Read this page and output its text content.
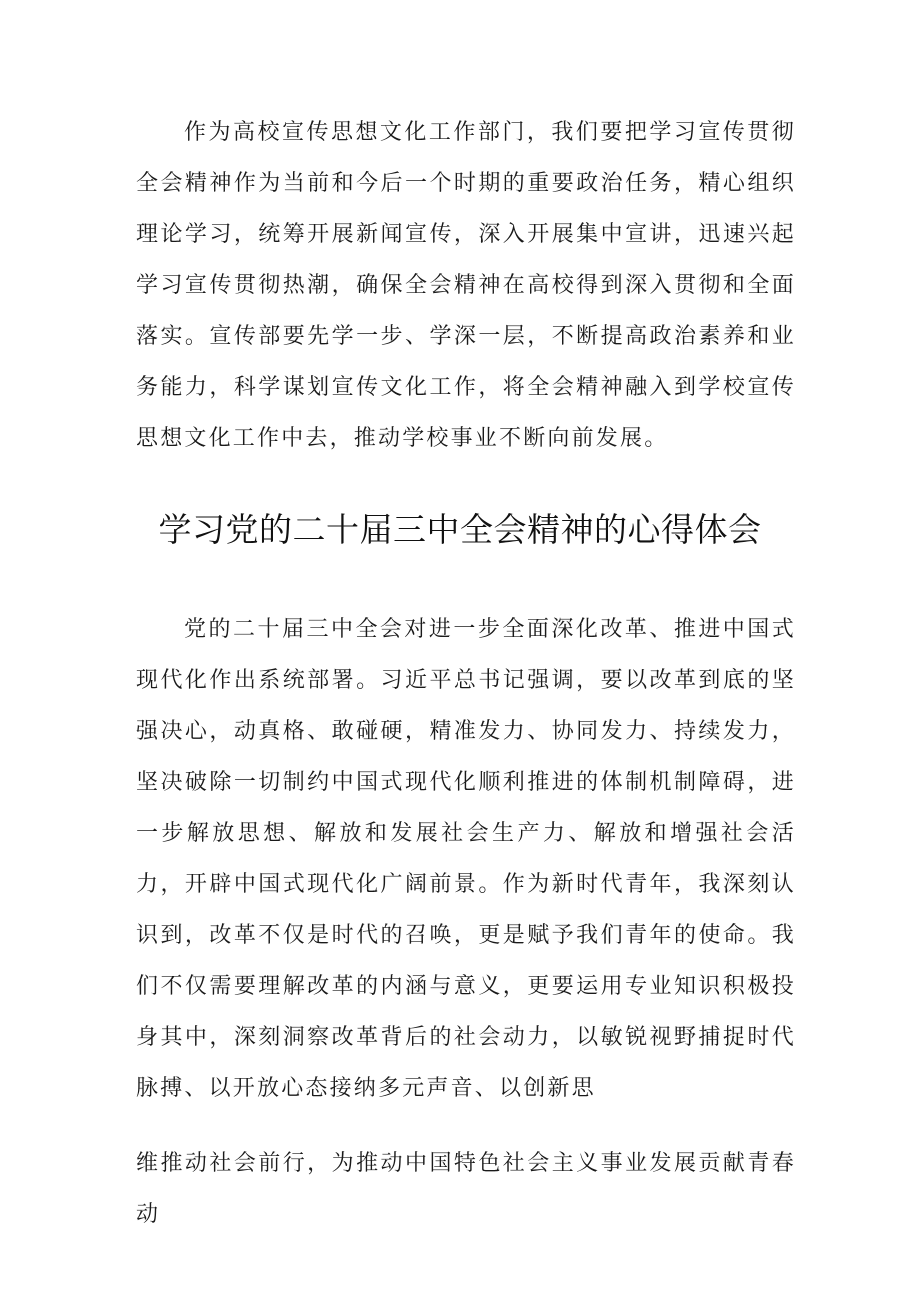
作为高校宣传思想文化工作部门，我们要把学习宣传贯彻全会精神作为当前和今后一个时期的重要政治任务，精心组织理论学习，统筹开展新闻宣传，深入开展集中宣讲，迅速兴起学习宣传贯彻热潮，确保全会精神在高校得到深入贯彻和全面落实。宣传部要先学一步、学深一层，不断提高政治素养和业务能力，科学谋划宣传文化工作，将全会精神融入到学校宣传思想文化工作中去，推动学校事业不断向前发展。

学习党的二十届三中全会精神的心得体会

党的二十届三中全会对进一步全面深化改革、推进中国式现代化作出系统部署。习近平总书记强调，要以改革到底的坚强决心，动真格、敢碰硬，精准发力、协同发力、持续发力，坚决破除一切制约中国式现代化顺利推进的体制机制障碍，进一步解放思想、解放和发展社会生产力、解放和增强社会活力，开辟中国式现代化广阔前景。作为新时代青年，我深刻认识到，改革不仅是时代的召唤，更是赋予我们青年的使命。我们不仅需要理解改革的内涵与意义，更要运用专业知识积极投身其中，深刻洞察改革背后的社会动力，以敏锐视野捕捉时代脉搏、以开放心态接纳多元声音、以创新思

维推动社会前行，为推动中国特色社会主义事业发展贡献青春动
